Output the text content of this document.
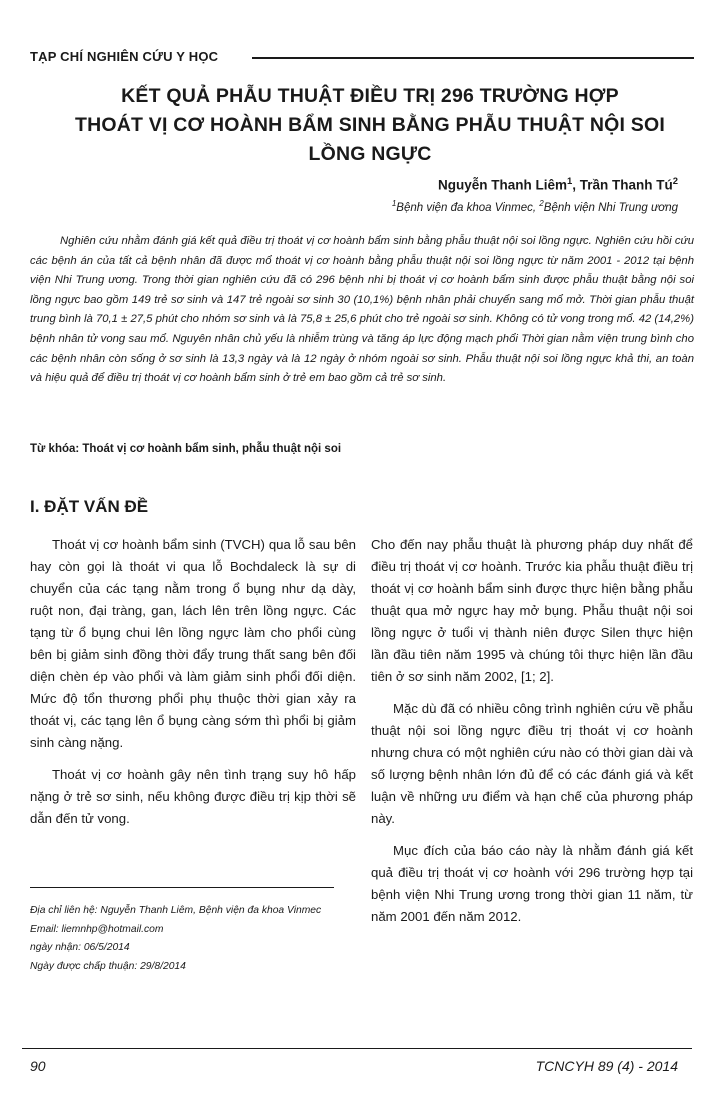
TẠP CHÍ NGHIÊN CỨU Y HỌC
KẾT QUẢ PHẪU THUẬT ĐIỀU TRỊ 296 TRƯỜNG HỢP
THOÁT VỊ CƠ HOÀNH BẨM SINH BẰNG PHẪU THUẬT NỘI SOI
LỒNG NGỰC
Nguyễn Thanh Liêm$^1$, Trần Thanh $Tú^2$
$^1$Bệnh viện đa khoa Vinmec, $^2$Bệnh viện Nhi Trung ương

Nghiên cứu nhằm đánh giá kết quả điều trị thoát vị cơ hoành bẩm sinh bằng phẫu thuật nội soi lồng ngực. Nghiên cứu hồi cứu các bệnh án của tất cả bệnh nhân đã được mổ thoát vị cơ hoành bằng phẫu thuật nội soi lồng ngực từ năm 2001 - 2012 tại bệnh viện Nhi Trung ương. Trong thời gian nghiên cứu đã có 296 bệnh nhi bị thoát vị cơ hoành bẩm sinh được phẫu thuật bằng nội soi lồng ngực bao gồm 149 trẻ sơ sinh và 147 trẻ ngoài sơ sinh 30 (10,1%) bệnh nhân phải chuyển sang mổ mở. Thời gian phẫu thuật trung bình là 70,1 ± 27,5 phút cho nhóm sơ sinh và là 75,8 ± 25,6 phút cho trẻ ngoài sơ sinh. Không có tử vong trong mổ. 42 (14,2%) bệnh nhân tử vong sau mổ. Nguyên nhân chủ yếu là nhiễm trùng và tăng áp lực động mạch phổi Thời gian nằm viện trung bình cho các bệnh nhân còn sống ở sơ sinh là 13,3 ngày và là 12 ngày ở nhóm ngoài sơ sinh. Phẫu thuật nội soi lồng ngực khả thi, an toàn và hiệu quả để điều trị thoát vị cơ hoành bẩm sinh ở trẻ em bao gồm cả trẻ sơ sinh.

Từ khóa: Thoát vị cơ hoành bẩm sinh, phẫu thuật nội soi

I. ĐẶT VẤN ĐỀ

Thoát vị cơ hoành bẩm sinh (TVCH) qua lỗ sau bên hay còn gọi là thoát vi qua lỗ Bochdaleck là sự di chuyển của các tạng nằm trong ổ bụng như dạ dày, ruột non, đại tràng, gan, lách lên trên lồng ngực. Các tạng từ ổ bụng chui lên lồng ngực làm cho phổi cùng bên bị giảm sinh đồng thời đẩy trung thất sang bên đối diện chèn ép vào phổi và làm giảm sinh phổi đối diện. Mức độ tổn thương phổi phụ thuộc thời gian xảy ra thoát vị, các tạng lên ổ bụng càng sớm thì phổi bị giảm sinh càng nặng.

Thoát vị cơ hoành gây nên tình trạng suy hô hấp nặng ở trẻ sơ sinh, nếu không được điều trị kịp thời sẽ dẫn đến tử vong.

Cho đến nay phẫu thuật là phương pháp duy nhất để điều trị thoát vị cơ hoành. Trước kia phẫu thuật điều trị thoát vị cơ hoành bẩm sinh được thực hiện bằng phẫu thuật qua mở ngực hay mở bụng. Phẫu thuật nội soi lồng ngực ở tuổi vị thành niên được Silen thực hiện lần đầu tiên năm 1995 và chúng tôi thực hiện lần đầu tiên ở sơ sinh năm 2002, [1; 2].

Mặc dù đã có nhiều công trình nghiên cứu về phẫu thuật nội soi lồng ngực điều trị thoát vị cơ hoành nhưng chưa có một nghiên cứu nào có thời gian dài và số lượng bệnh nhân lớn đủ để có các đánh giá và kết luận về những ưu điểm và hạn chế của phương pháp này.

Mục đích của báo cáo này là nhằm đánh giá kết quả điều trị thoát vị cơ hoành với 296 trường hợp tại bệnh viện Nhi Trung ương trong thời gian 11 năm, từ năm 2001 đến năm 2012.

Địa chỉ liên hệ: Nguyễn Thanh Liêm, Bệnh viện đa khoa Vinmec
Email: liemnhp@hotmail.com
ngày nhận: 06/5/2014
Ngày được chấp thuận: 29/8/2014
90	TCNCYH 89 (4) - 2014
